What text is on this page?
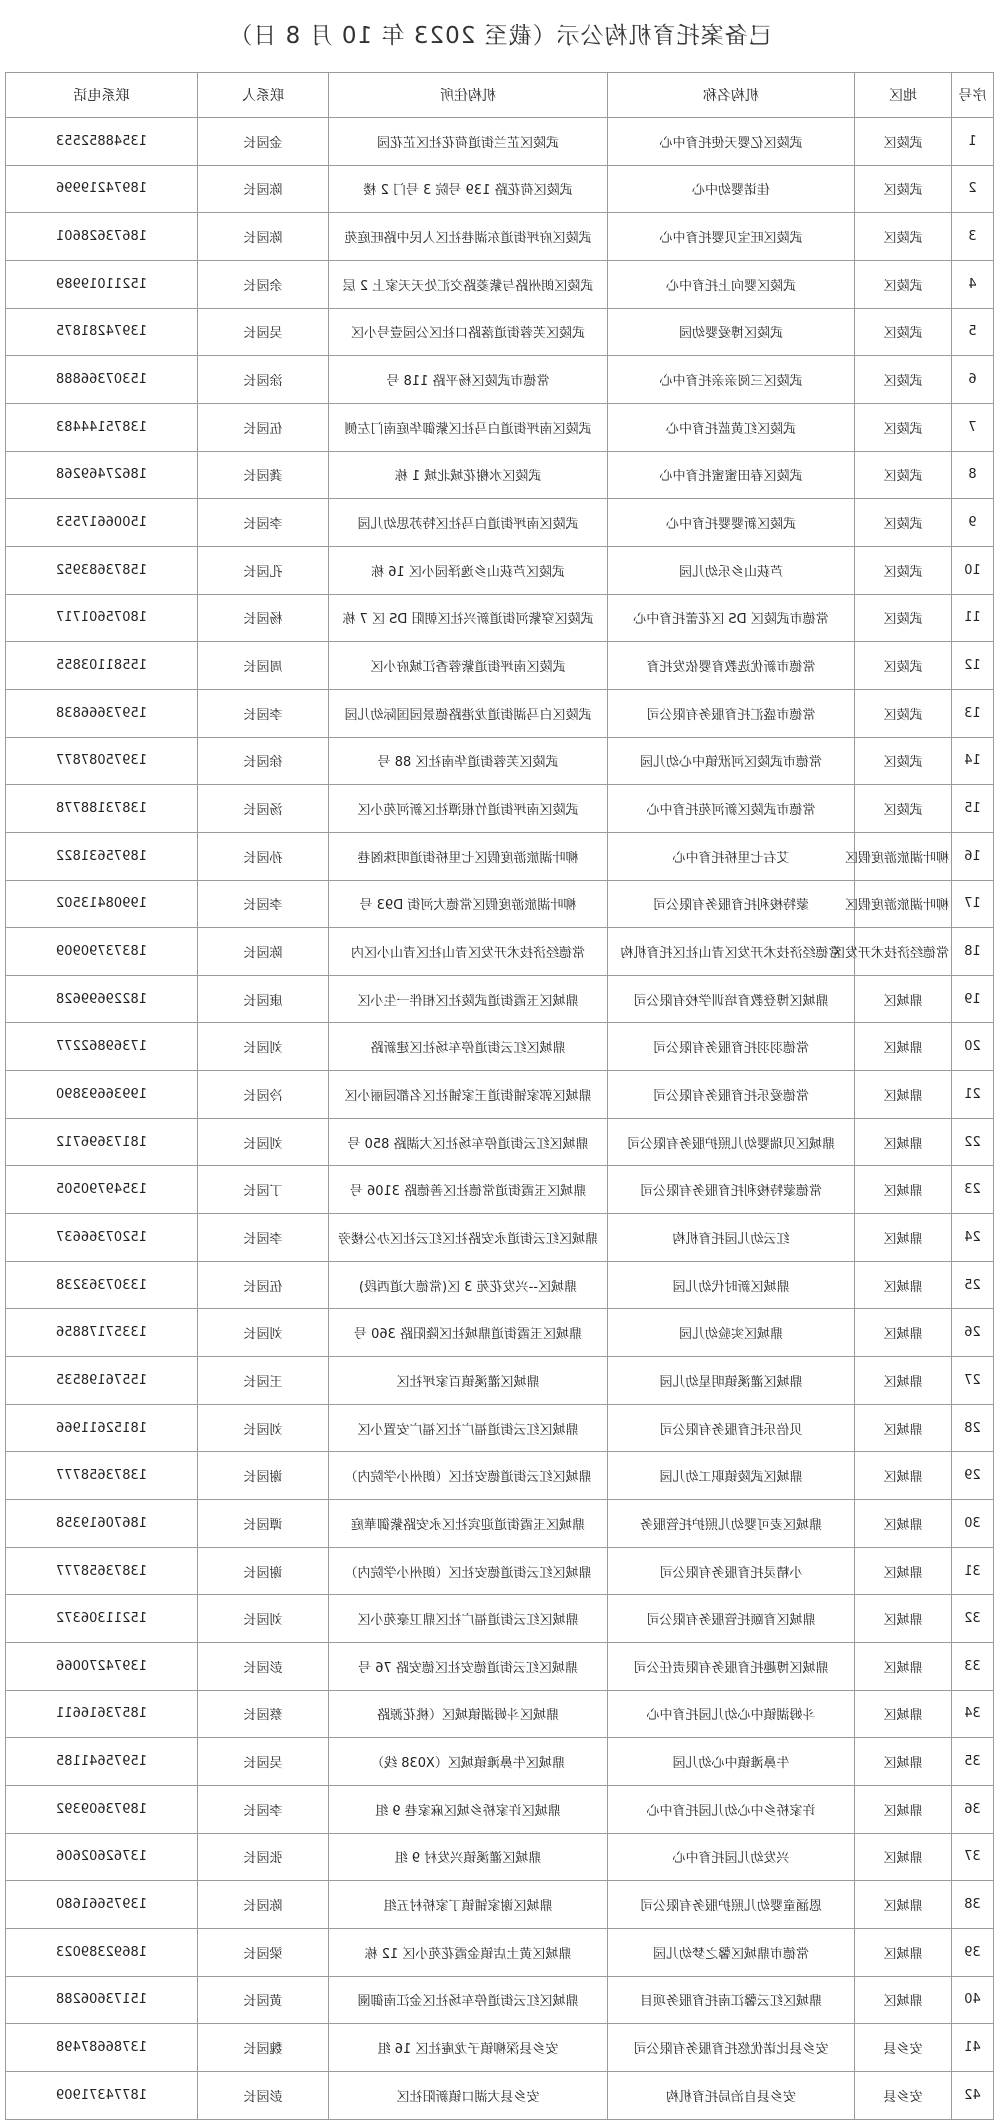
已备案托育机构公示（截至 2023 年 10 月 8 日）
序号	地区	机构名称	机构住所	联系人	联系电话
1	武陵区	武陵区亿婴天使托育中心	武陵区芷兰街道荷花社区芷花园	金园长	13548852553
2	武陵区	佳诺婴幼中心	武陵区荷花路 139 号院 3 号门 2 楼	陈园长	18974219996
3	武陵区	武陵区旺宝贝婴托育中心	武陵区府坪街道东湖巷社区人民中路旺庭苑	陈园长	18673628601
4	武陵区	武陵区婴向上托育中心	武陵区朗州路与紫菱路交汇处天天家上 2 层	余园长	15211019989
5	武陵区	武陵区博爱婴幼园	武陵区芙蓉街道落路口社区公园壹号小区	吴园长	13974281875
6	武陵区	武陵区三阅亲亲托育中心	常德市武陵区杨平路 118 号	涂园长	15307366888
7	武陵区	武陵区红黄蓝托育中心	武陵区南坪街道白马社区紫御华庭南门左侧	伍园长	13875144483
8	武陵区	武陵区春田蜜蜜托育中心	武陵区水榭花城北城 1 栋	龚园长	18627469268
9	武陵区	武陵区新婴婴托育中心	武陵区南坪街道白马社区特苏思幼儿园	李园长	15006617553
10	武陵区	芦荻山乡乐幼儿园	武陵区芦荻山乡逸泽园小区 16 栋	孔园长	15873683952
11	武陵区	常德市武陵区 DS 区花蕾托育中心	武陵区穿紫河街道新兴社区朝阳 DS 区 7 栋	杨园长	18075601717
12	武陵区	常德市新优选教育婴依发托育	武陵区南坪街道紫蓉香江城府小区	周园长	15581103855
13	武陵区	常德市盛汇托育服务有限公司	武陵区白马湖街道龙港路德景园国际幼儿园	李园长	15973666838
14	武陵区	常德市武陵区河洑镇中心幼儿园	武陵区芙蓉街道华南社区 88 号	徐园长	13975087877
15	武陵区	常德市武陵区新河苑托育中心	武陵区南坪街道竹根潭社区新河苑小区	汤园长	13873188778
16	柳叶湖旅游度假区	艾右七里桥托育中心	柳叶湖旅游度假区七里桥街道明珠阁巷	孙园长	18975631822
17	柳叶湖旅游度假区	蒙特梭利托育服务有限公司	柳叶湖旅游度假区常德大河街 D93 号	李园长	19908413502
18	常德经济技术开发区	常德经济技术开发区青山社区托育机构	常德经济技术开发区青山社区青山小区内	陈园长	18373790909
19	鼎城区	鼎城区博登教育培训学校有限公司	鼎城区玉霞街道武陵社区相伴一生小区	康园长	18229699628
20	鼎城区	常德羽羽托育服务有限公司	鼎城区红云街道停车场社区建新路	刘园长	17369862277
21	鼎城区	常德爱乐托育服务有限公司	鼎城区郭家铺街道王家铺社区名都园丽小区	冷园长	19936693890
22	鼎城区	鼎城区贝瑞婴幼儿照护服务有限公司	鼎城区红云街道停车场社区大湖路 850 号	刘园长	18173696712
23	鼎城区	常德蒙特梭利托育服务有限公司	鼎城区玉霞街道常德社区善德路 3106 号	丁园长	13549790505
24	鼎城区	红云幼儿园托育机构	鼎城区红云街道永安路社区红云社区办公楼旁	李园长	15207366637
25	鼎城区	鼎城区新时代幼儿园	鼎城区--兴发花苑 3 区(常德大道西段)	伍园长	13307363238
26	鼎城区	鼎城区实验幼儿园	鼎城区玉霞街道鼎城社区隆阳路 360 号	刘园长	13357178856
27	鼎城区	鼎城区灌溪镇明星幼儿园	鼎城区灌溪镇百家坪社区	王园长	15576198535
28	鼎城区	贝倍乐托育服务有限公司	鼎城区红云街道福广社区福广安置小区	刘园长	18152611966
29	鼎城区	鼎城区武陵镇职工幼儿园	鼎城区红云街道德安社区（朗州小学院内）	谢园长	13873658777
30	鼎城区	鼎城区麦可婴幼儿照护托管服务	鼎城区玉霞街道迎宾社区永安路紫御華庭	谭园长	18670619358
31	鼎城区	小精灵托育服务有限公司	鼎城区红云街道德安社区（朗州小学院内）	谢园长	13873658777
32	鼎城区	鼎城区育颐托管服务有限公司	鼎城区红云街道福广社区鼎卫豪苑小区	刘园长	15211306372
33	鼎城区	鼎城区博趣托育服务有限责任公司	鼎城区红云街道德安社区德安路 76 号	彭园长	13974270066
34	鼎城区	斗姆湖镇中心幼儿园托育中心	鼎城区斗姆湖镇城区（桃花源路	蔡园长	18573616611
35	鼎城区	牛鼻滩镇中心幼儿园	鼎城区牛鼻滩镇城区（X038 线）	吴园长	15975641185
36	鼎城区	许家桥乡中心幼儿园托育中心	鼎城区许家桥乡城区麻家巷 9 组	李园长	18973609392
37	鼎城区	兴发幼儿园托育中心	鼎城区灌溪镇兴发村 9 组	张园长	13762602606
38	鼎城区	恩涵童婴幼儿照护服务有限公司	鼎城区谢家铺镇丁家桥村五组	陈园长	13975661680
39	鼎城区	常德市鼎城区馨之梦幼儿园	鼎城区黄土店镇金霞花苑小区 12 栋	梁园长	18692389023
40	鼎城区	鼎城区红云馨江南托育服务项目	鼎城区红云街道停车场社区金江南御園	黄园长	15173606288
41	安乡县	安乡县比诺优悠托育服务有限公司	安乡县深柳镇子龙庵社区 16 组	魏园长	13786687498
42	安乡县	安乡县自治局托育机构	安乡县大湖口镇新阳社区	彭园长	18774371909
